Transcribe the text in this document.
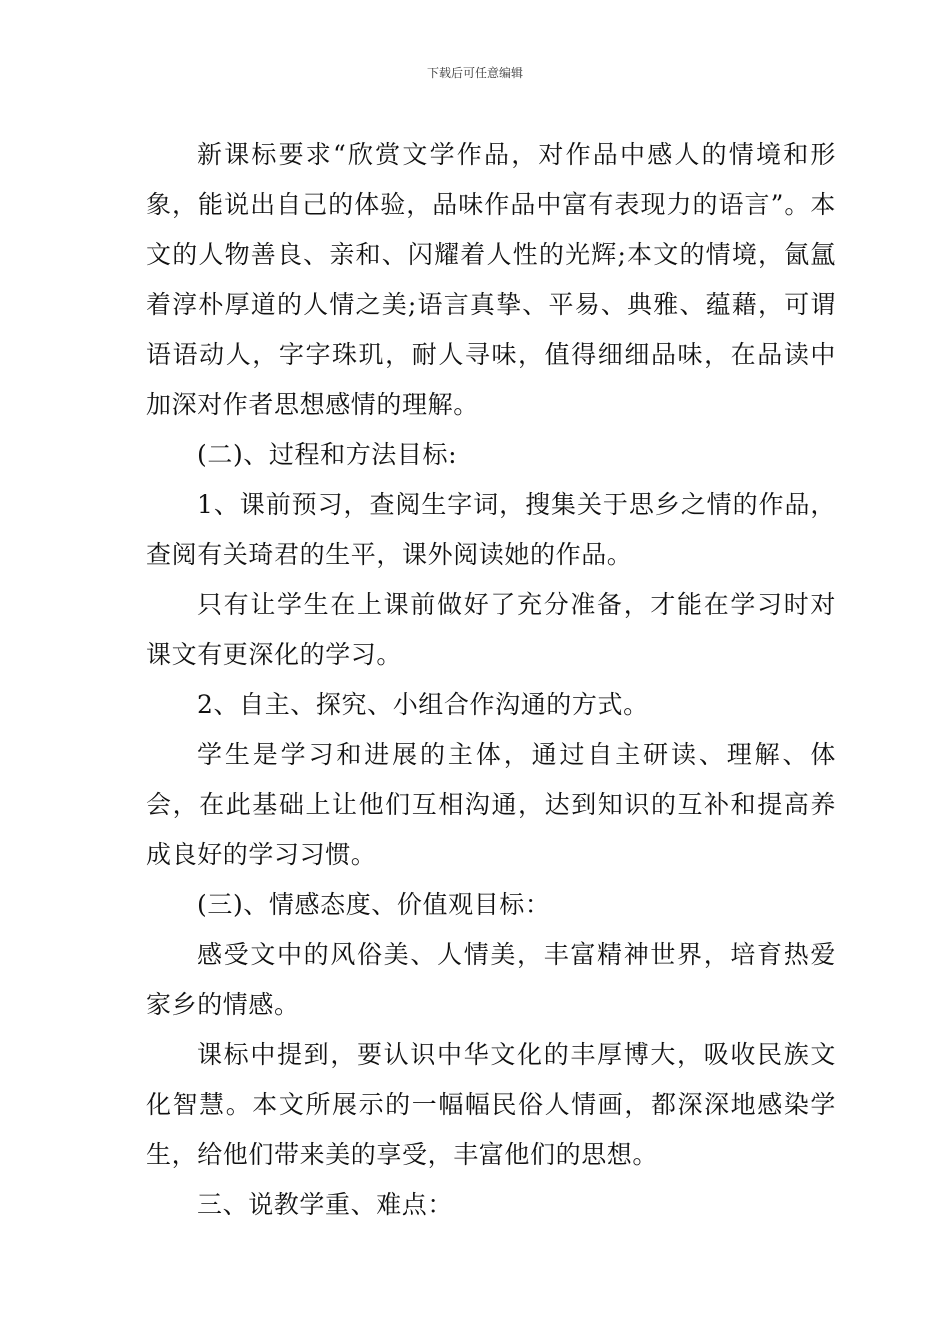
下载后可任意编辑

新课标要求“欣赏文学作品，对作品中感人的情境和形象，能说出自己的体验，品味作品中富有表现力的语言”。本文的人物善良、亲和、闪耀着人性的光辉;本文的情境，氤氲着淳朴厚道的人情之美;语言真挚、平易、典雅、蕴藉，可谓语语动人，字字珠玑，耐人寻味，值得细细品味，在品读中加深对作者思想感情的理解。

(二)、过程和方法目标:

1、课前预习，查阅生字词，搜集关于思乡之情的作品，查阅有关琦君的生平，课外阅读她的作品。

只有让学生在上课前做好了充分准备，才能在学习时对课文有更深化的学习。

2、自主、探究、小组合作沟通的方式。

学生是学习和进展的主体，通过自主研读、理解、体会，在此基础上让他们互相沟通，达到知识的互补和提高养成良好的学习习惯。

(三)、情感态度、价值观目标：

感受文中的风俗美、人情美，丰富精神世界，培育热爱家乡的情感。

课标中提到，要认识中华文化的丰厚博大，吸收民族文化智慧。本文所展示的一幅幅民俗人情画，都深深地感染学生，给他们带来美的享受，丰富他们的思想。

三、说教学重、难点：
